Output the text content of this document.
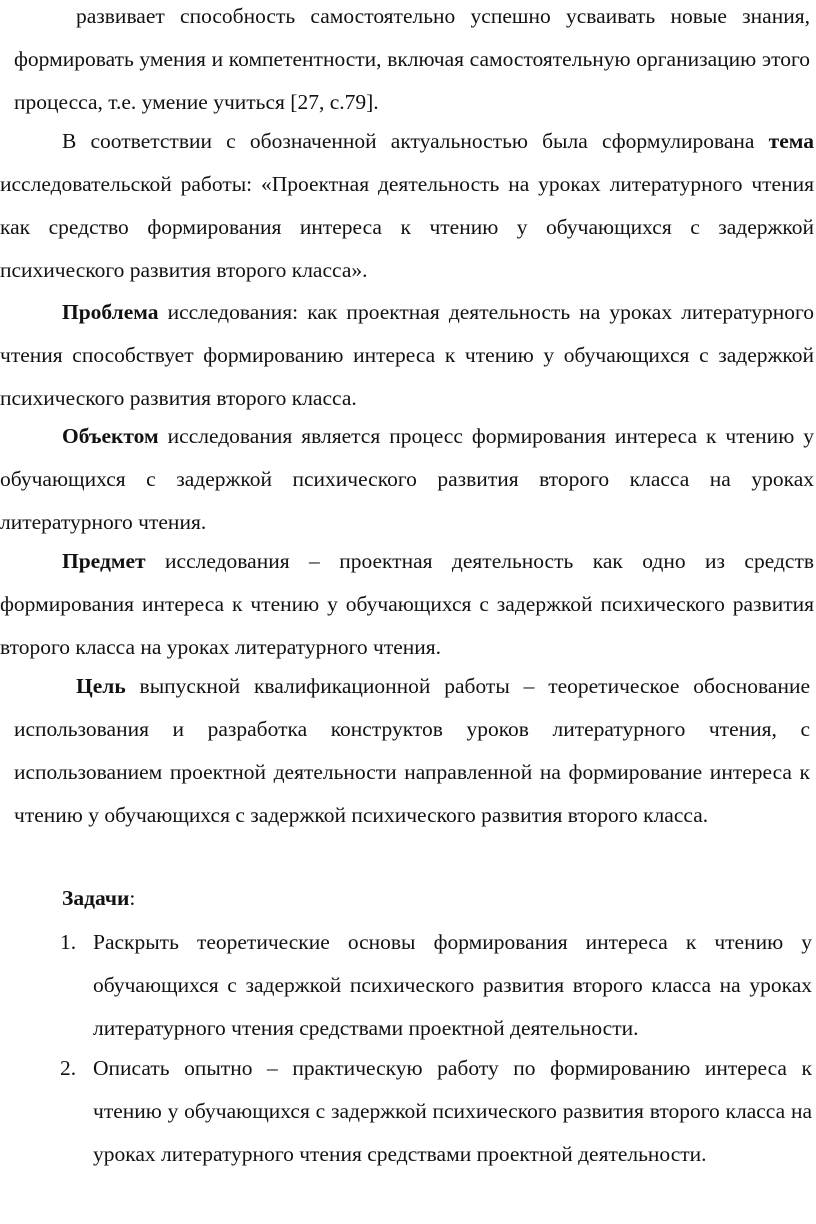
развивает способность самостоятельно успешно усваивать новые знания, формировать умения и компетентности, включая самостоятельную организацию этого процесса, т.е. умение учиться [27, с.79].

В соответствии с обозначенной актуальностью была сформулирована тема исследовательской работы: «Проектная деятельность на уроках литературного чтения как средство формирования интереса к чтению у обучающихся с задержкой психического развития второго класса».

Проблема исследования: как проектная деятельность на уроках литературного чтения способствует формированию интереса к чтению у обучающихся с задержкой психического развития второго класса.

Объектом исследования является процесс формирования интереса к чтению у обучающихся с задержкой психического развития второго класса на уроках литературного чтения.

Предмет исследования – проектная деятельность как одно из средств формирования интереса к чтению у обучающихся с задержкой психического развития второго класса на уроках литературного чтения.

Цель выпускной квалификационной работы – теоретическое обоснование использования и разработка конструктов уроков литературного чтения, с использованием проектной деятельности направленной на формирование интереса к чтению у обучающихся с задержкой психического развития второго класса.

Задачи:

1. Раскрыть теоретические основы формирования интереса к чтению у обучающихся с задержкой психического развития второго класса на уроках литературного чтения средствами проектной деятельности.
2. Описать опытно – практическую работу по формированию интереса к чтению у обучающихся с задержкой психического развития второго класса на уроках литературного чтения средствами проектной деятельности.
